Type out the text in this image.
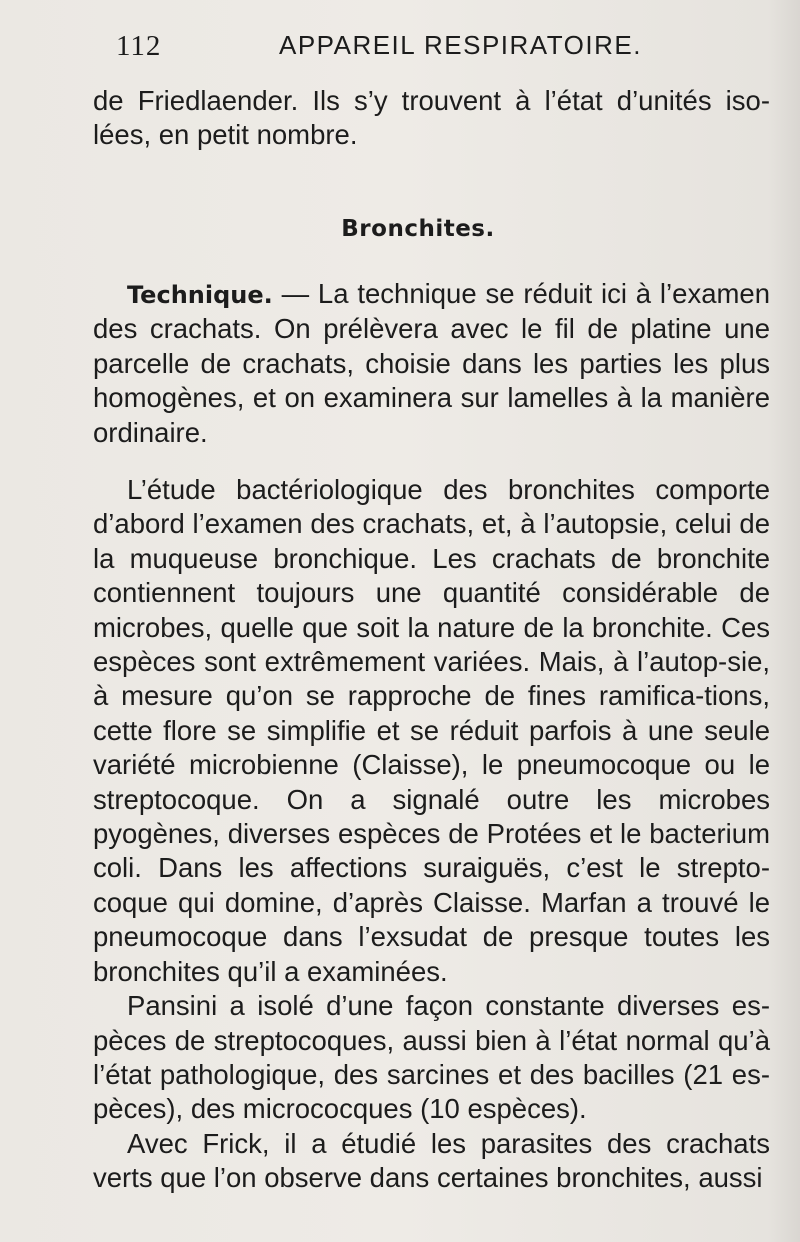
112	APPAREIL RESPIRATOIRE.

de Friedlaender. Ils s’y trouvent à l’état d’unités iso-lées, en petit nombre.

Bronchites.

Technique. — La technique se réduit ici à l’examen des crachats. On prélèvera avec le fil de platine une parcelle de crachats, choisie dans les parties les plus homogènes, et on examinera sur lamelles à la manière ordinaire.

L’étude bactériologique des bronchites comporte d’abord l’examen des crachats, et, à l’autopsie, celui de la muqueuse bronchique. Les crachats de bronchite contiennent toujours une quantité considérable de microbes, quelle que soit la nature de la bronchite. Ces espèces sont extrêmement variées. Mais, à l’autop-sie, à mesure qu’on se rapproche de fines ramifica-tions, cette flore se simplifie et se réduit parfois à une seule variété microbienne (Claisse), le pneumocoque ou le streptocoque. On a signalé outre les microbes pyogènes, diverses espèces de Protées et le bacterium coli. Dans les affections suraiguës, c’est le strepto-coque qui domine, d’après Claisse. Marfan a trouvé le pneumocoque dans l’exsudat de presque toutes les bronchites qu’il a examinées.

Pansini a isolé d’une façon constante diverses es-pèces de streptocoques, aussi bien à l’état normal qu’à l’état pathologique, des sarcines et des bacilles (21 es-pèces), des micrococques (10 espèces).

Avec Frick, il a étudié les parasites des crachats verts que l’on observe dans certaines bronchites, aussi
